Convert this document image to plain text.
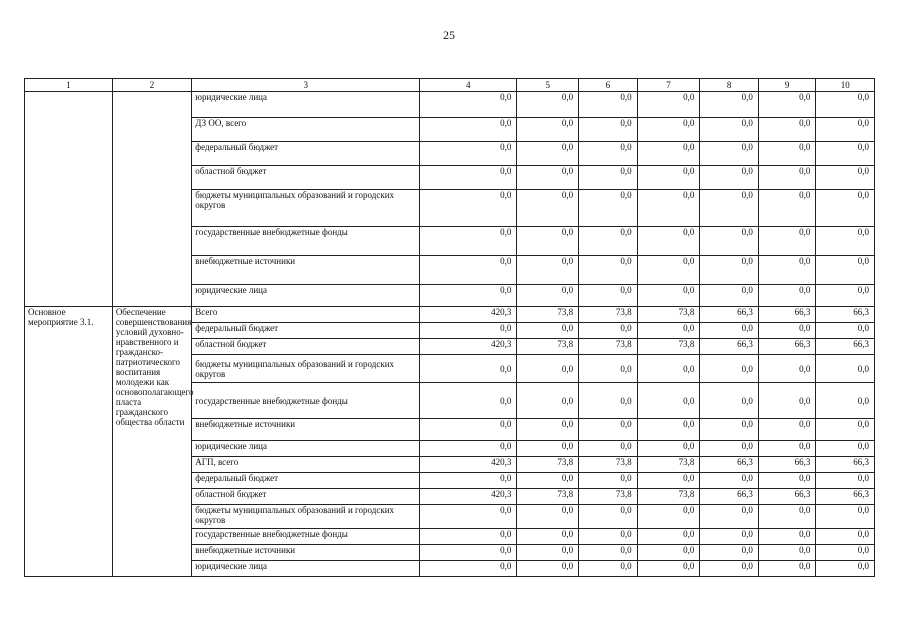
25
1	2	3	4	5	6	7	8	9	10
		юридические лица	0,0	0,0	0,0	0,0	0,0	0,0	0,0
		ДЗ ОО, всего	0,0	0,0	0,0	0,0	0,0	0,0	0,0
		федеральный бюджет	0,0	0,0	0,0	0,0	0,0	0,0	0,0
		областной бюджет	0,0	0,0	0,0	0,0	0,0	0,0	0,0
		бюджеты муниципальных образований и городских округов	0,0	0,0	0,0	0,0	0,0	0,0	0,0
		государственные внебюджетные фонды	0,0	0,0	0,0	0,0	0,0	0,0	0,0
		внебюджетные источники	0,0	0,0	0,0	0,0	0,0	0,0	0,0
		юридические лица	0,0	0,0	0,0	0,0	0,0	0,0	0,0
Основное мероприятие 3.1.	Обеспечение совершенствования условий духовно-нравственного и гражданско-патриотического воспитания молодежи как основополагающего пласта гражданского общества области	Всего	420,3	73,8	73,8	73,8	66,3	66,3	66,3
		федеральный бюджет	0,0	0,0	0,0	0,0	0,0	0,0	0,0
		областной бюджет	420,3	73,8	73,8	73,8	66,3	66,3	66,3
		бюджеты муниципальных образований и городских округов	0,0	0,0	0,0	0,0	0,0	0,0	0,0
		государственные внебюджетные фонды	0,0	0,0	0,0	0,0	0,0	0,0	0,0
		внебюджетные источники	0,0	0,0	0,0	0,0	0,0	0,0	0,0
		юридические лица	0,0	0,0	0,0	0,0	0,0	0,0	0,0
		АГП, всего	420,3	73,8	73,8	73,8	66,3	66,3	66,3
		федеральный бюджет	0,0	0,0	0,0	0,0	0,0	0,0	0,0
		областной бюджет	420,3	73,8	73,8	73,8	66,3	66,3	66,3
		бюджеты муниципальных образований и городских округов	0,0	0,0	0,0	0,0	0,0	0,0	0,0
		государственные внебюджетные фонды	0,0	0,0	0,0	0,0	0,0	0,0	0,0
		внебюджетные источники	0,0	0,0	0,0	0,0	0,0	0,0	0,0
		юридические лица	0,0	0,0	0,0	0,0	0,0	0,0	0,0
